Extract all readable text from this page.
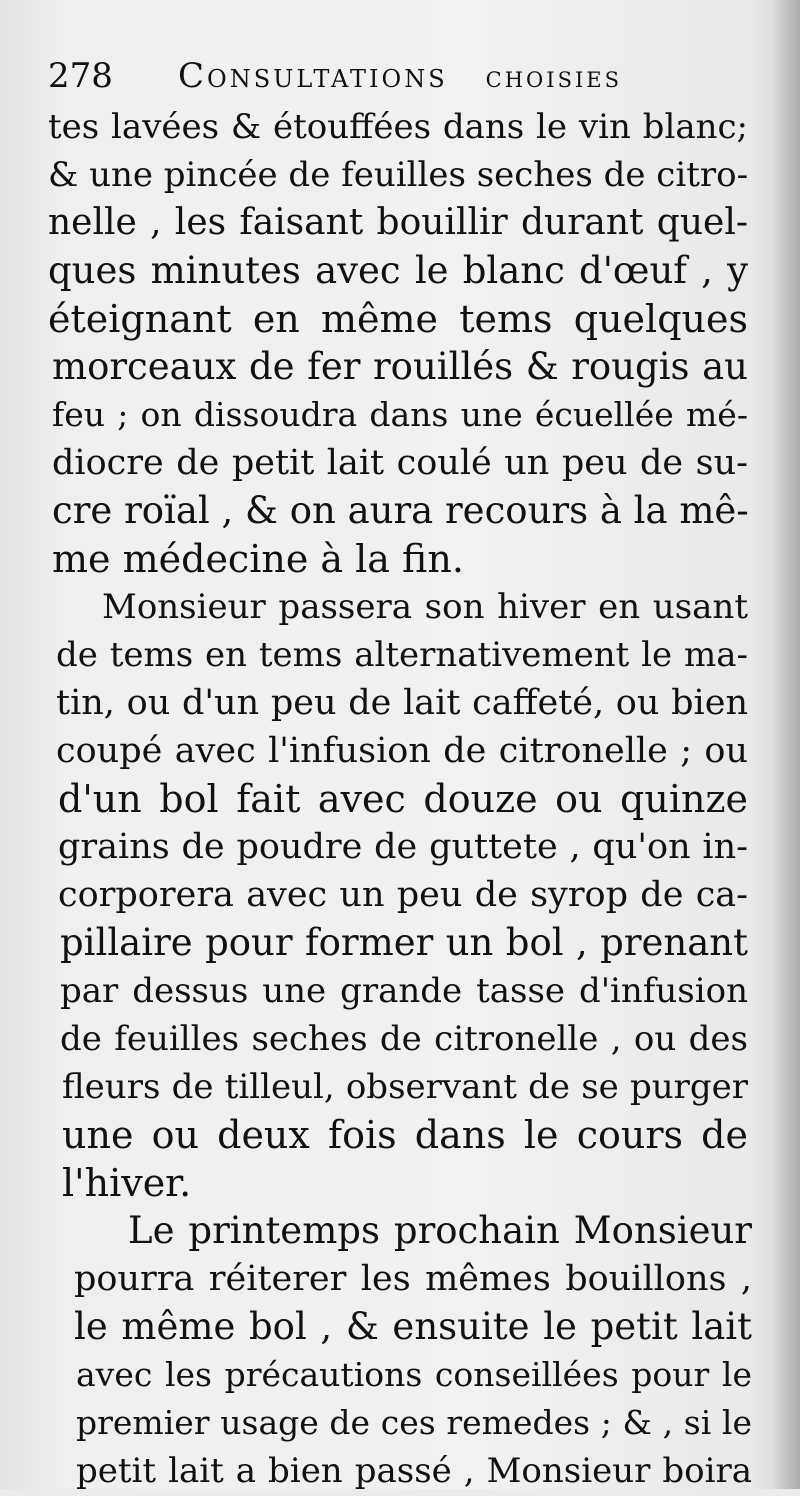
278 Consultations choisies
tes lavées & étouffées dans le vin blanc;
& une pincée de feuilles seches de citro-
nelle , les faisant bouillir durant quel-
ques minutes avec le blanc d'œuf , y
éteignant en même tems quelques
morceaux de fer rouillés & rougis au
feu ; on dissoudra dans une écuellée mé-
diocre de petit lait coulé un peu de su-
cre roïal , & on aura recours à la mê-
me médecine à la fin.
Monsieur passera son hiver en usant
de tems en tems alternativement le ma-
tin, ou d'un peu de lait caffeté, ou bien
coupé avec l'infusion de citronelle ; ou
d'un bol fait avec douze ou quinze
grains de poudre de guttete , qu'on in-
corporera avec un peu de syrop de ca-
pillaire pour former un bol , prenant
par dessus une grande tasse d'infusion
de feuilles seches de citronelle , ou des
fleurs de tilleul, observant de se purger
une ou deux fois dans le cours de
l'hiver.
Le printemps prochain Monsieur
pourra réiterer les mêmes bouillons ,
le même bol , & ensuite le petit lait
avec les précautions conseillées pour le
premier usage de ces remedes ; & , si le
petit lait a bien passé , Monsieur boira
